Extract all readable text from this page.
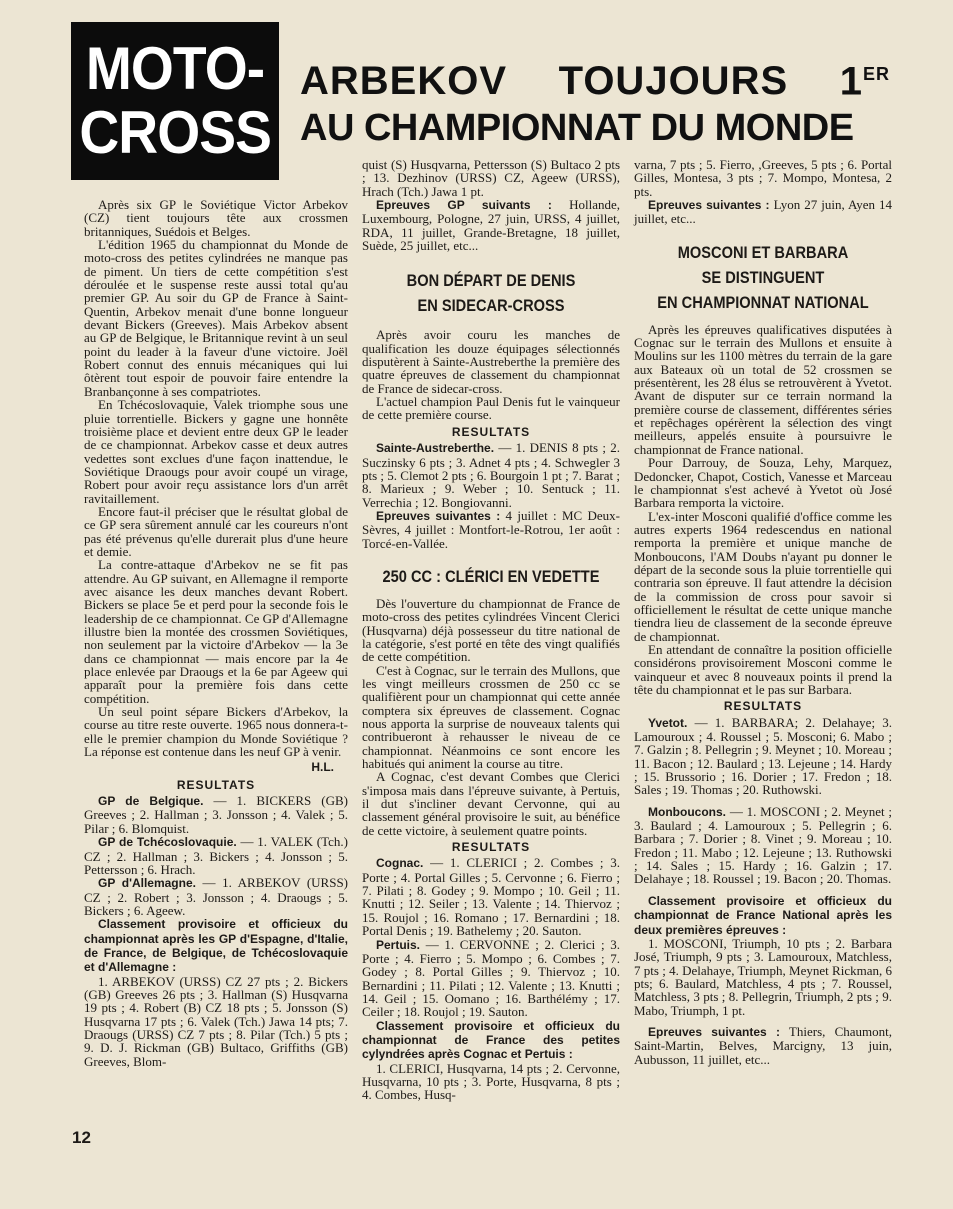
MOTO-
CROSS
ARBEKOV TOUJOURS 1ER
AU CHAMPIONNAT DU MONDE

Après six GP le Soviétique Victor Arbekov (CZ) tient toujours tête aux crossmen britanniques, Suédois et Belges.

L'édition 1965 du championnat du Monde de moto-cross des petites cylindrées ne manque pas de piment. Un tiers de cette compétition s'est déroulée et le suspense reste aussi total qu'au premier GP. Au soir du GP de France à Saint-Quentin, Arbekov menait d'une bonne longueur devant Bickers (Greeves). Mais Arbekov absent au GP de Belgique, le Britannique revint à un seul point du leader à la faveur d'une victoire. Joël Robert connut des ennuis mécaniques qui lui ôtèrent tout espoir de pouvoir faire entendre la Branbançonne à ses compatriotes.

En Tchécoslovaquie, Valek triomphe sous une pluie torrentielle. Bickers y gagne une honnête troisième place et devient entre deux GP le leader de ce championnat. Arbekov casse et deux autres vedettes sont exclues d'une façon inattendue, le Soviétique Draougs pour avoir coupé un virage, Robert pour avoir reçu assistance lors d'un arrêt ravitaillement.

Encore faut-il préciser que le résultat global de ce GP sera sûrement annulé car les coureurs n'ont pas été prévenus qu'elle durerait plus d'une heure et demie.

La contre-attaque d'Arbekov ne se fit pas attendre. Au GP suivant, en Allemagne il remporte avec aisance les deux manches devant Robert. Bickers se place 5e et perd pour la seconde fois le leadership de ce championnat. Ce GP d'Allemagne illustre bien la montée des crossmen Soviétiques, non seulement par la victoire d'Arbekov — la 3e dans ce championnat — mais encore par la 4e place enlevée par Draougs et la 6e par Ageew qui apparaît pour la première fois dans cette compétition.

Un seul point sépare Bickers d'Arbekov, la course au titre reste ouverte. 1965 nous donnera-t-elle le premier champion du Monde Soviétique ? La réponse est contenue dans les neuf GP à venir.

H.L.
RESULTATS

GP de Belgique. — 1. BICKERS (GB) Greeves ; 2. Hallman ; 3. Jonsson ; 4. Valek ; 5. Pilar ; 6. Blomquist.

GP de Tchécoslovaquie. — 1. VALEK (Tch.) CZ ; 2. Hallman ; 3. Bickers ; 4. Jonsson ; 5. Pettersson ; 6. Hrach.

GP d'Allemagne. — 1. ARBEKOV (URSS) CZ ; 2. Robert ; 3. Jonsson ; 4. Draougs ; 5. Bickers ; 6. Ageew.

Classement provisoire et officieux du championnat après les GP d'Espagne, d'Italie, de France, de Belgique, de Tchécoslovaquie et d'Allemagne :

1. ARBEKOV (URSS) CZ 27 pts ; 2. Bickers (GB) Greeves 26 pts ; 3. Hallman (S) Husqvarna 19 pts ; 4. Robert (B) CZ 18 pts ; 5. Jonsson (S) Husqvarna 17 pts ; 6. Valek (Tch.) Jawa 14 pts; 7. Draougs (URSS) CZ 7 pts ; 8. Pilar (Tch.) 5 pts ; 9. D. J. Rickman (GB) Bultaco, Griffiths (GB) Greeves, Blom-

quist (S) Husqvarna, Pettersson (S) Bultaco 2 pts ; 13. Dezhinov (URSS) CZ, Ageew (URSS), Hrach (Tch.) Jawa 1 pt.

Epreuves GP suivants : Hollande, Luxembourg, Pologne, 27 juin, URSS, 4 juillet, RDA, 11 juillet, Grande-Bretagne, 18 juillet, Suède, 25 juillet, etc...

BON DÉPART DE DENIS
EN SIDECAR-CROSS

Après avoir couru les manches de qualification les douze équipages sélectionnés disputèrent à Sainte-Austreberthe la première des quatre épreuves de classement du championnat de France de sidecar-cross.

L'actuel champion Paul Denis fut le vainqueur de cette première course.

RESULTATS

Sainte-Austreberthe. — 1. DENIS 8 pts ; 2. Suczinsky 6 pts ; 3. Adnet 4 pts ; 4. Schwegler 3 pts ; 5. Clemot 2 pts ; 6. Bourgoin 1 pt ; 7. Barat ; 8. Marieux ; 9. Weber ; 10. Sentuck ; 11. Verrechia ; 12. Bongiovanni.

Epreuves suivantes : 4 juillet : MC Deux-Sèvres, 4 juillet : Montfort-le-Rotrou, 1er août : Torcé-en-Vallée.

250 CC : CLÉRICI EN VEDETTE

Dès l'ouverture du championnat de France de moto-cross des petites cylindrées Vincent Clerici (Husqvarna) déjà possesseur du titre national de la catégorie, s'est porté en tête des vingt qualifiés de cette compétition.

C'est à Cognac, sur le terrain des Mullons, que les vingt meilleurs crossmen de 250 cc se qualifièrent pour un championnat qui cette année comptera six épreuves de classement. Cognac nous apporta la surprise de nouveaux talents qui contribueront à rehausser le niveau de ce championnat. Néanmoins ce sont encore les habitués qui animent la course au titre.

A Cognac, c'est devant Combes que Clerici s'imposa mais dans l'épreuve suivante, à Pertuis, il dut s'incliner devant Cervonne, qui au classement général provisoire le suit, au bénéfice de cette victoire, à seulement quatre points.

RESULTATS

Cognac. — 1. CLERICI ; 2. Combes ; 3. Porte ; 4. Portal Gilles ; 5. Cervonne ; 6. Fierro ; 7. Pilati ; 8. Godey ; 9. Mompo ; 10. Geil ; 11. Knutti ; 12. Seiler ; 13. Valente ; 14. Thiervoz ; 15. Roujol ; 16. Romano ; 17. Bernardini ; 18. Portal Denis ; 19. Bathelemy ; 20. Sauton.

Pertuis. — 1. CERVONNE ; 2. Clerici ; 3. Porte ; 4. Fierro ; 5. Mompo ; 6. Combes ; 7. Godey ; 8. Portal Gilles ; 9. Thiervoz ; 10. Bernardini ; 11. Pilati ; 12. Valente ; 13. Knutti ; 14. Geil ; 15. Oomano ; 16. Barthélémy ; 17. Ceiler ; 18. Roujol ; 19. Sauton.

Classement provisoire et officieux du championnat de France des petites cylyndrées après Cognac et Pertuis :

1. CLERICI, Husqvarna, 14 pts ; 2. Cervonne, Husqvarna, 10 pts ; 3. Porte, Husqvarna, 8 pts ; 4. Combes, Husq-

varna, 7 pts ; 5. Fierro, ,Greeves, 5 pts ; 6. Portal Gilles, Montesa, 3 pts ; 7. Mompo, Montesa, 2 pts.

Epreuves suivantes : Lyon 27 juin, Ayen 14 juillet, etc...

MOSCONI ET BARBARA
SE DISTINGUENT
EN CHAMPIONNAT NATIONAL

Après les épreuves qualificatives disputées à Cognac sur le terrain des Mullons et ensuite à Moulins sur les 1100 mètres du terrain de la gare aux Bateaux où un total de 52 crossmen se présentèrent, les 28 élus se retrouvèrent à Yvetot. Avant de disputer sur ce terrain normand la première course de classement, différentes séries et repêchages opérèrent la sélection des vingt meilleurs, appelés ensuite à poursuivre le championnat de France national.

Pour Darrouy, de Souza, Lehy, Marquez, Dedoncker, Chapot, Costich, Vanesse et Marceau le championnat s'est achevé à Yvetot où José Barbara remporta la victoire.

L'ex-inter Mosconi qualifié d'office comme les autres experts 1964 redescendus en national remporta la première et unique manche de Monboucons, l'AM Doubs n'ayant pu donner le départ de la seconde sous la pluie torrentielle qui contraria son épreuve. Il faut attendre la décision de la commission de cross pour savoir si officiellement le résultat de cette unique manche tiendra lieu de classement de la seconde épreuve de championnat.

En attendant de connaître la position officielle considérons provisoirement Mosconi comme le vainqueur et avec 8 nouveaux points il prend la tête du championnat et le pas sur Barbara.

RESULTATS

Yvetot. — 1. BARBARA; 2. Delahaye; 3. Lamouroux ; 4. Roussel ; 5. Mosconi; 6. Mabo ; 7. Galzin ; 8. Pellegrin ; 9. Meynet ; 10. Moreau ; 11. Bacon ; 12. Baulard ; 13. Lejeune ; 14. Hardy ; 15. Brussorio ; 16. Dorier ; 17. Fredon ; 18. Sales ; 19. Thomas ; 20. Ruthowski.

Monboucons. — 1. MOSCONI ; 2. Meynet ; 3. Baulard ; 4. Lamouroux ; 5. Pellegrin ; 6. Barbara ; 7. Dorier ; 8. Vinet ; 9. Moreau ; 10. Fredon ; 11. Mabo ; 12. Lejeune ; 13. Ruthowski ; 14. Sales ; 15. Hardy ; 16. Galzin ; 17. Delahaye ; 18. Roussel ; 19. Bacon ; 20. Thomas.

Classement provisoire et officieux du championnat de France National après les deux premières épreuves :

1. MOSCONI, Triumph, 10 pts ; 2. Barbara José, Triumph, 9 pts ; 3. Lamouroux, Matchless, 7 pts ; 4. Delahaye, Triumph, Meynet Rickman, 6 pts; 6. Baulard, Matchless, 4 pts ; 7. Roussel, Matchless, 3 pts ; 8. Pellegrin, Triumph, 2 pts ; 9. Mabo, Triumph, 1 pt.

Epreuves suivantes : Thiers, Chaumont, Saint-Martin, Belves, Marcigny, 13 juin, Aubusson, 11 juillet, etc...

12
